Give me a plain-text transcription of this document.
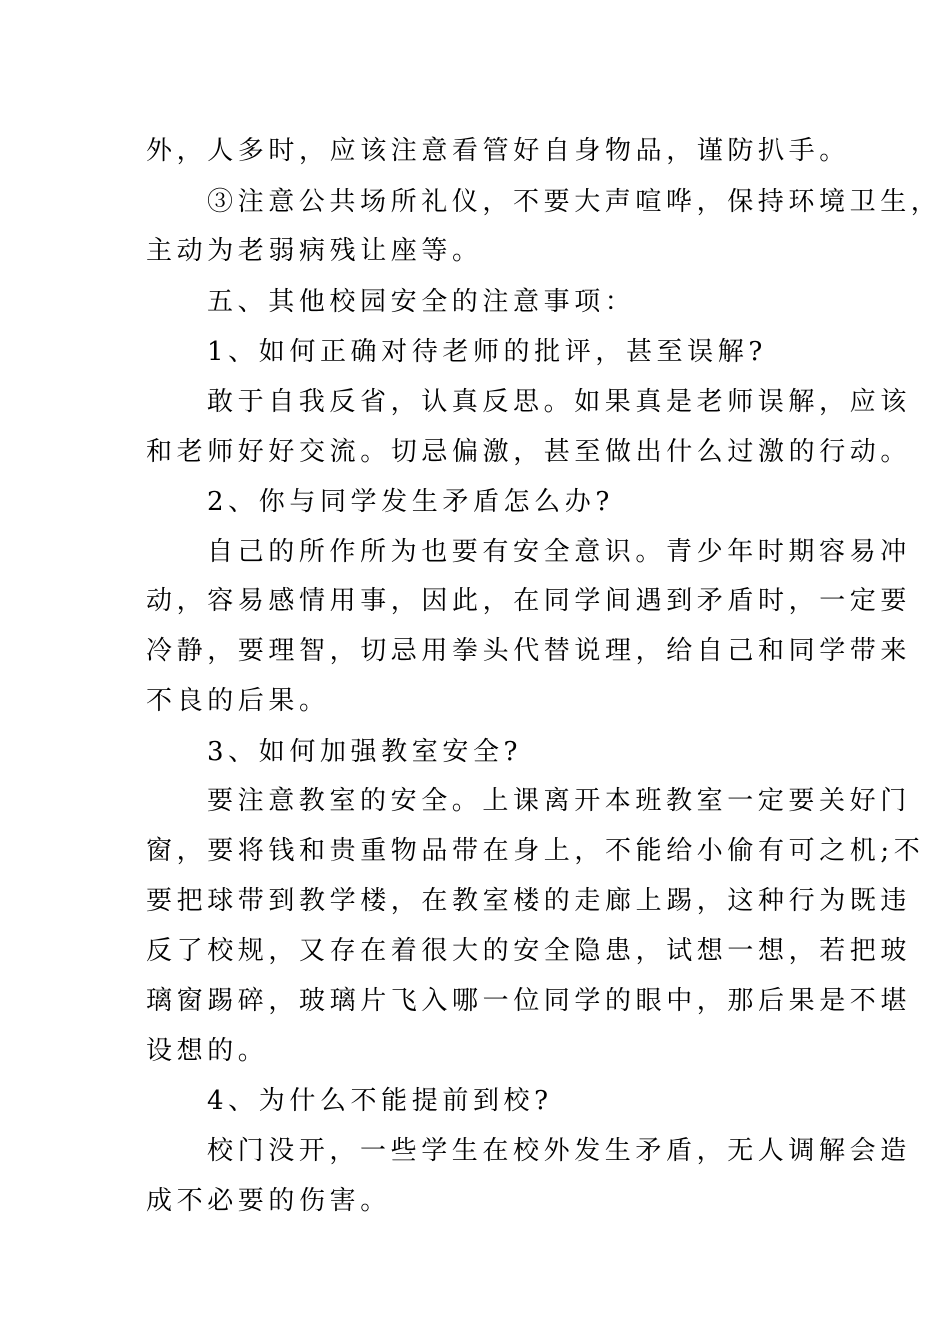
外，人多时，应该注意看管好自身物品，谨防扒手。
③注意公共场所礼仪，不要大声喧哗，保持环境卫生，
主动为老弱病残让座等。
五、其他校园安全的注意事项：
1、如何正确对待老师的批评，甚至误解?
敢于自我反省，认真反思。如果真是老师误解，应该
和老师好好交流。切忌偏激，甚至做出什么过激的行动。
2、你与同学发生矛盾怎么办?
自己的所作所为也要有安全意识。青少年时期容易冲
动，容易感情用事，因此，在同学间遇到矛盾时，一定要
冷静，要理智，切忌用拳头代替说理，给自己和同学带来
不良的后果。
3、如何加强教室安全?
要注意教室的安全。上课离开本班教室一定要关好门
窗，要将钱和贵重物品带在身上，不能给小偷有可之机;不
要把球带到教学楼，在教室楼的走廊上踢，这种行为既违
反了校规，又存在着很大的安全隐患，试想一想，若把玻
璃窗踢碎，玻璃片飞入哪一位同学的眼中，那后果是不堪
设想的。
4、为什么不能提前到校?
校门没开，一些学生在校外发生矛盾，无人调解会造
成不必要的伤害。
